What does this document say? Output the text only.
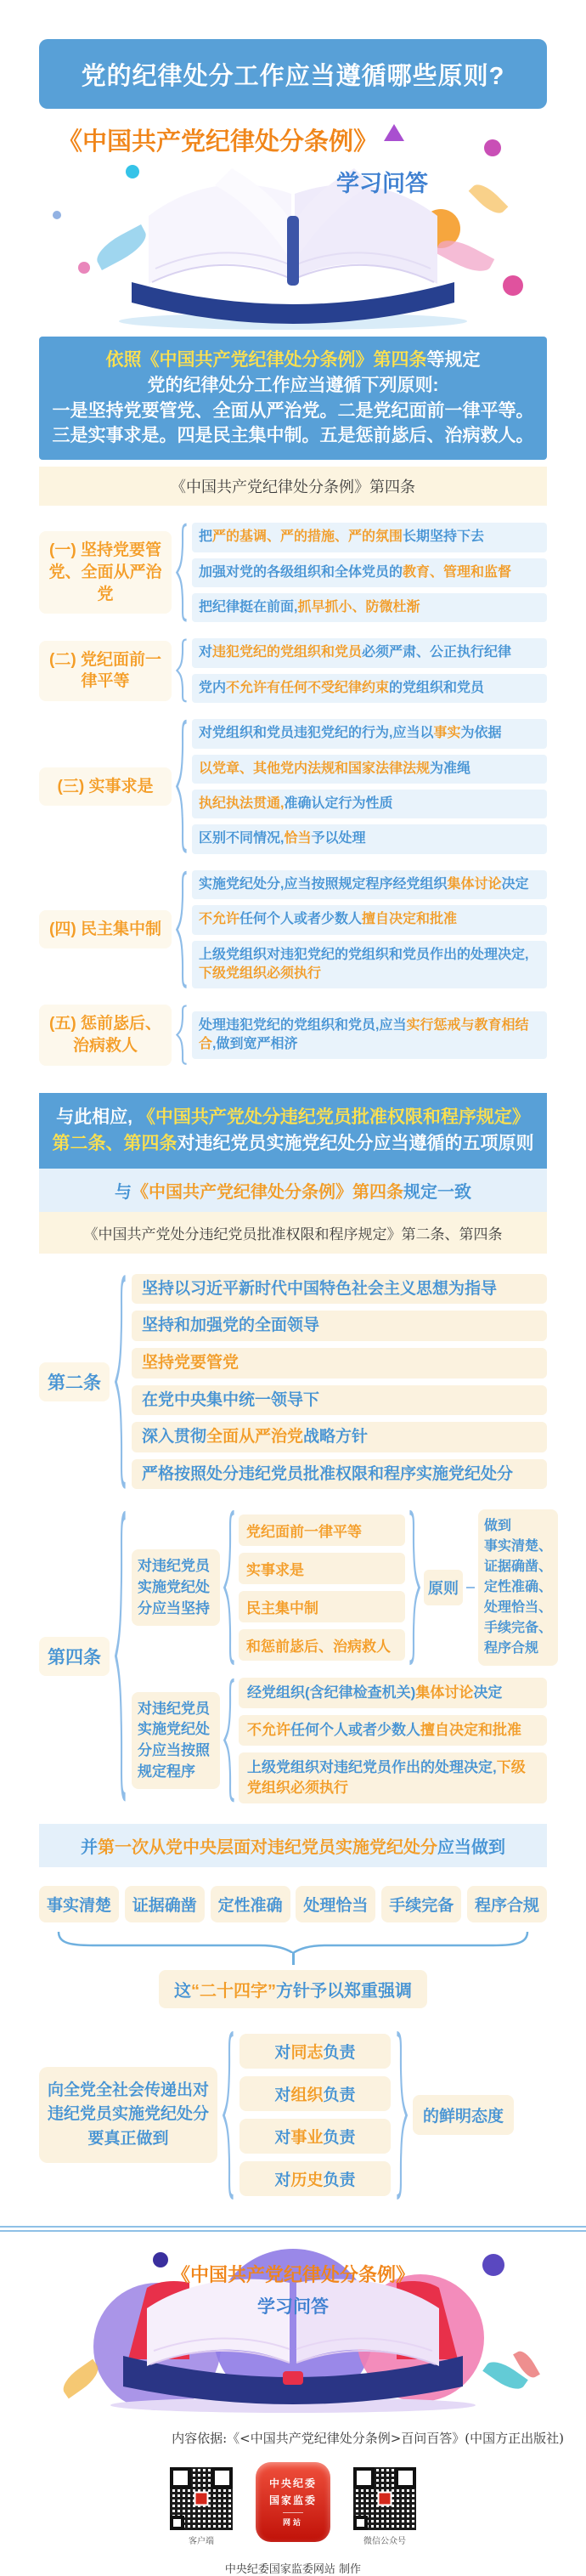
党的纪律处分工作应当遵循哪些原则?
《中国共产党纪律处分条例》
学习问答
依照《中国共产党纪律处分条例》第四条等规定
党的纪律处分工作应当遵循下列原则:
一是坚持党要管党、全面从严治党。二是党纪面前一律平等。
三是实事求是。四是民主集中制。五是惩前毖后、治病救人。
《中国共产党纪律处分条例》第四条
(一) 坚持党要管党、全面从严治党
把严的基调、严的措施、严的氛围长期坚持下去
加强对党的各级组织和全体党员的教育、管理和监督
把纪律挺在前面,抓早抓小、防微杜渐
(二) 党纪面前一律平等
对违犯党纪的党组织和党员必须严肃、公正执行纪律
党内不允许有任何不受纪律约束的党组织和党员
(三) 实事求是
对党组织和党员违犯党纪的行为,应当以事实为依据
以党章、其他党内法规和国家法律法规为准绳
执纪执法贯通,准确认定行为性质
区别不同情况,恰当予以处理
(四) 民主集中制
实施党纪处分,应当按照规定程序经党组织集体讨论决定
不允许任何个人或者少数人擅自决定和批准
上级党组织对违犯党纪的党组织和党员作出的处理决定,下级党组织必须执行
(五) 惩前毖后、治病救人
处理违犯党纪的党组织和党员,应当实行惩戒与教育相结合,做到宽严相济
与此相应, 《中国共产党处分违纪党员批准权限和程序规定》
第二条、第四条对违纪党员实施党纪处分应当遵循的五项原则
与《中国共产党纪律处分条例》第四条规定一致
《中国共产党处分违纪党员批准权限和程序规定》第二条、第四条
第二条
坚持以习近平新时代中国特色社会主义思想为指导
坚持和加强党的全面领导
坚持党要管党
在党中央集中统一领导下
深入贯彻全面从严治党战略方针
严格按照处分违纪党员批准权限和程序实施党纪处分
第四条
对违纪党员实施党纪处分应当坚持
党纪面前一律平等
实事求是
民主集中制
和惩前毖后、治病救人
原则
做到
事实清楚、
证据确凿、
定性准确、
处理恰当、
手续完备、
程序合规
对违纪党员实施党纪处分应当按照规定程序
经党组织(含纪律检查机关)集体讨论决定
不允许任何个人或者少数人擅自决定和批准
上级党组织对违纪党员作出的处理决定,下级党组织必须执行
并第一次从党中央层面对违纪党员实施党纪处分应当做到
事实清楚	证据确凿	定性准确	处理恰当	手续完备	程序合规
这“二十四字”方针予以郑重强调
向全党全社会传递出对违纪党员实施党纪处分要真正做到
对同志负责
对组织负责
对事业负责
对历史负责
的鲜明态度
《中国共产党纪律处分条例》
学习问答
内容依据:《<中国共产党纪律处分条例>百问百答》(中国方正出版社)
客户端
中央纪委
国家监委
网站
微信公众号
中央纪委国家监委网站 制作
